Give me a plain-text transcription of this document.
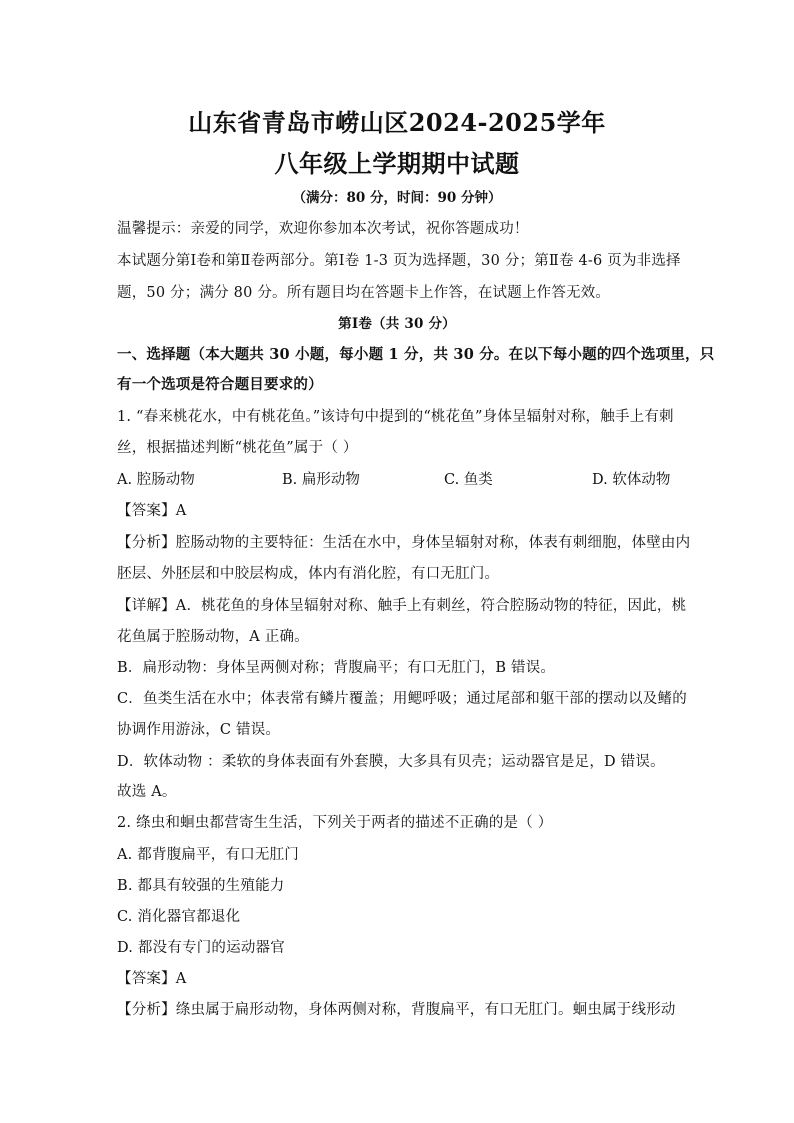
山东省青岛市崂山区2024-2025学年
八年级上学期期中试题
（满分：80 分，时间：90 分钟）
温馨提示：亲爱的同学，欢迎你参加本次考试，祝你答题成功！
本试题分第Ⅰ卷和第Ⅱ卷两部分。第Ⅰ卷 1-3 页为选择题，30 分；第Ⅱ卷 4-6 页为非选择
题，50 分；满分 80 分。所有题目均在答题卡上作答，在试题上作答无效。
第Ⅰ卷（共 30 分）
一、选择题（本大题共 30 小题，每小题 1 分，共 30 分。在以下每小题的四个选项里，只
有一个选项是符合题目要求的）
1. “春来桃花水，中有桃花鱼。”该诗句中提到的“桃花鱼”身体呈辐射对称，触手上有刺
丝，根据描述判断“桃花鱼”属于（ ）
A. 腔肠动物	B. 扁形动物	C. 鱼类	D. 软体动物
【答案】A
【分析】腔肠动物的主要特征：生活在水中，身体呈辐射对称，体表有刺细胞，体壁由内
胚层、外胚层和中胶层构成，体内有消化腔，有口无肛门。
【详解】A．桃花鱼的身体呈辐射对称、触手上有刺丝，符合腔肠动物的特征，因此，桃
花鱼属于腔肠动物，A 正确。
B．扁形动物：身体呈两侧对称；背腹扁平；有口无肛门，B 错误。
C．鱼类生活在水中；体表常有鳞片覆盖；用鳃呼吸；通过尾部和躯干部的摆动以及鳍的
协调作用游泳，C 错误。
D．软体动物 ：柔软的身体表面有外套膜，大多具有贝壳；运动器官是足，D 错误。
故选 A。
2. 绦虫和蛔虫都营寄生生活，下列关于两者的描述不正确的是（ ）
A. 都背腹扁平，有口无肛门
B. 都具有较强的生殖能力
C. 消化器官都退化
D. 都没有专门的运动器官
【答案】A
【分析】绦虫属于扁形动物，身体两侧对称，背腹扁平，有口无肛门。蛔虫属于线形动
